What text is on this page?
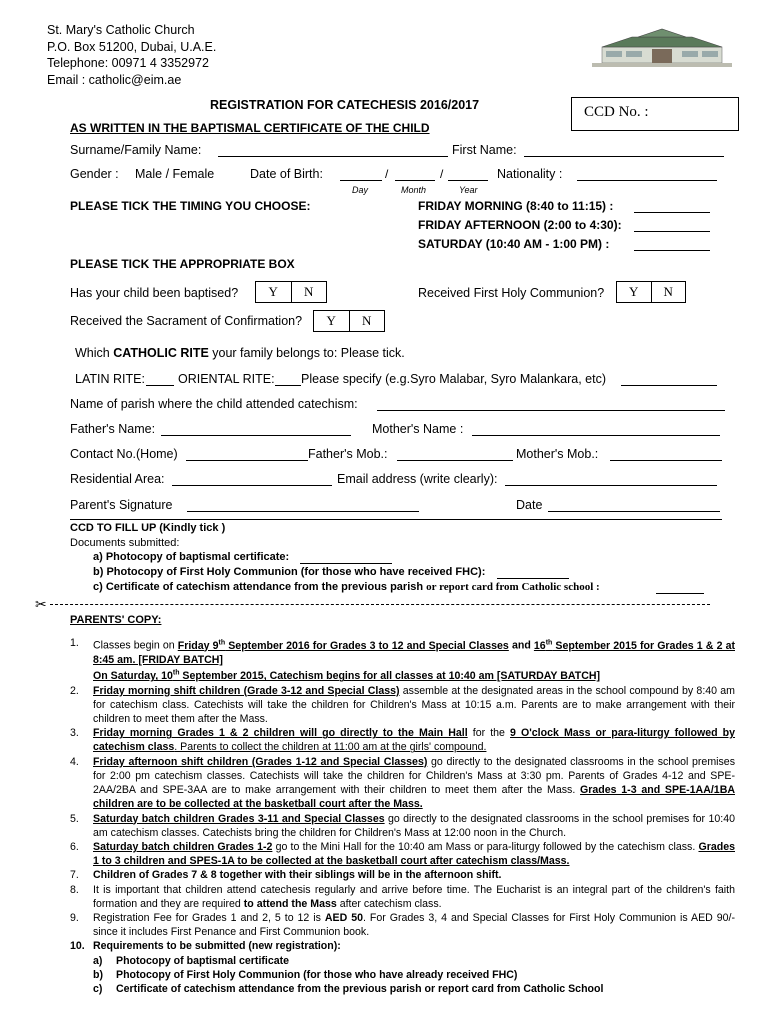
St. Mary's Catholic Church
P.O. Box 51200, Dubai, U.A.E.
Telephone: 00971 4 3352972
Email : catholic@eim.ae
REGISTRATION FOR CATECHESIS 2016/2017	CCD No. :
AS WRITTEN IN THE BAPTISMAL CERTIFICATE OF THE CHILD
Surname/Family Name:	First Name:
Gender : Male / Female	Date of Birth:	/	/
Day	Month	Year
Nationality :
PLEASE TICK THE TIMING YOU CHOOSE:	FRIDAY MORNING (8:40 to 11:15) :
FRIDAY AFTERNOON (2:00 to 4:30):
SATURDAY (10:40 AM - 1:00 PM) :
PLEASE TICK THE APPROPRIATE BOX
Has your child been baptised?	Y	N	Received First Holy Communion?	Y	N
Received the Sacrament of Confirmation?	Y	N
Which CATHOLIC RITE your family belongs to: Please tick.
LATIN RITE:	ORIENTAL RITE: Please specify (e.g.Syro Malabar, Syro Malankara, etc)
Name of parish where the child attended catechism:
Father's Name:	Mother's Name :
Contact No.(Home)	Father's Mob.:	Mother's Mob.:
Residential Area:	Email address (write clearly):
Parent's Signature	Date
CCD TO FILL UP (Kindly tick )
Documents submitted:
a) Photocopy of baptismal certificate:
b) Photocopy of First Holy Communion (for those who have received FHC):
c) Certificate of catechism attendance from the previous parish or report card from Catholic school :
✂
PARENTS' COPY:
1.	Classes begin on Friday 9th September 2016 for Grades 3 to 12 and Special Classes and 16th September 2015 for Grades 1 & 2 at 8:45 am. [FRIDAY BATCH]
On Saturday, 10th September 2015, Catechism begins for all classes at 10:40 am [SATURDAY BATCH]
2.	Friday morning shift children (Grade 3-12 and Special Class) assemble at the designated areas in the school compound by 8:40 am for catechism class. Catechists will take the children for Children's Mass at 10:15 a.m. Parents are to make arrangement with their children to meet them after the Mass.
3.	Friday morning Grades 1 & 2 children will go directly to the Main Hall for the 9 O'clock Mass or para-liturgy followed by catechism class. Parents to collect the children at 11:00 am at the girls' compound.
4.	Friday afternoon shift children (Grades 1-12 and Special Classes) go directly to the designated classrooms in the school premises for 2:00 pm catechism classes. Catechists will take the children for Children's Mass at 3:30 pm. Parents of Grades 4-12 and SPE-2AA/2BA and SPE-3AA are to make arrangement with their children to meet them after the Mass. Grades 1-3 and SPE-1AA/1BA children are to be collected at the basketball court after the Mass.
5.	Saturday batch children Grades 3-11 and Special Classes go directly to the designated classrooms in the school premises for 10:40 am catechism classes. Catechists bring the children for Children's Mass at 12:00 noon in the Church.
6.	Saturday batch children Grades 1-2 go to the Mini Hall for the 10:40 am Mass or para-liturgy followed by the catechism class. Grades 1 to 3 children and SPES-1A to be collected at the basketball court after catechism class/Mass.
7.	Children of Grades 7 & 8 together with their siblings will be in the afternoon shift.
8.	It is important that children attend catechesis regularly and arrive before time. The Eucharist is an integral part of the children's faith formation and they are required to attend the Mass after catechism class.
9.	Registration Fee for Grades 1 and 2, 5 to 12 is AED 50. For Grades 3, 4 and Special Classes for First Holy Communion is AED 90/- since it includes First Penance and First Communion book.
10. Requirements to be submitted (new registration):
a)	Photocopy of baptismal certificate
b)	Photocopy of First Holy Communion (for those who have already received FHC)
c)	Certificate of catechism attendance from the previous parish or report card from Catholic School
